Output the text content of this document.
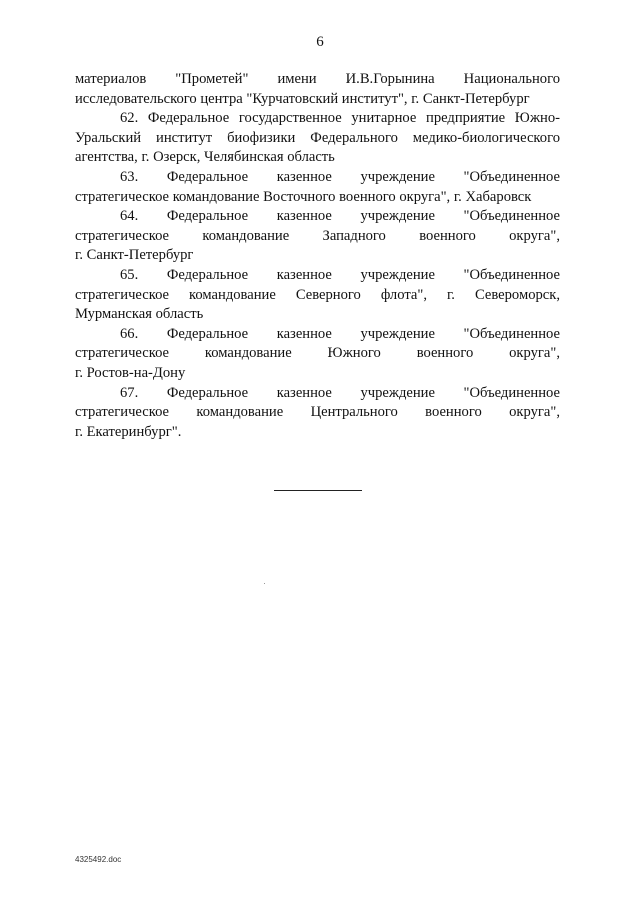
6

материалов "Прометей" имени И.В.Горынина Национального
исследовательского центра "Курчатовский институт", г. Санкт-Петербург

62. Федеральное государственное унитарное предприятие Южно-
Уральский институт биофизики Федерального медико-биологического
агентства, г. Озерск, Челябинская область

63. Федеральное казенное учреждение "Объединенное
стратегическое командование Восточного военного округа", г. Хабаровск

64. Федеральное казенное учреждение "Объединенное
стратегическое командование Западного военного округа",
г. Санкт-Петербург

65. Федеральное казенное учреждение "Объединенное
стратегическое командование Северного флота", г. Североморск,
Мурманская область

66. Федеральное казенное учреждение "Объединенное
стратегическое командование Южного военного округа",
г. Ростов-на-Дону

67. Федеральное казенное учреждение "Объединенное
стратегическое командование Центрального военного округа",
г. Екатеринбург".

4325492.doc
